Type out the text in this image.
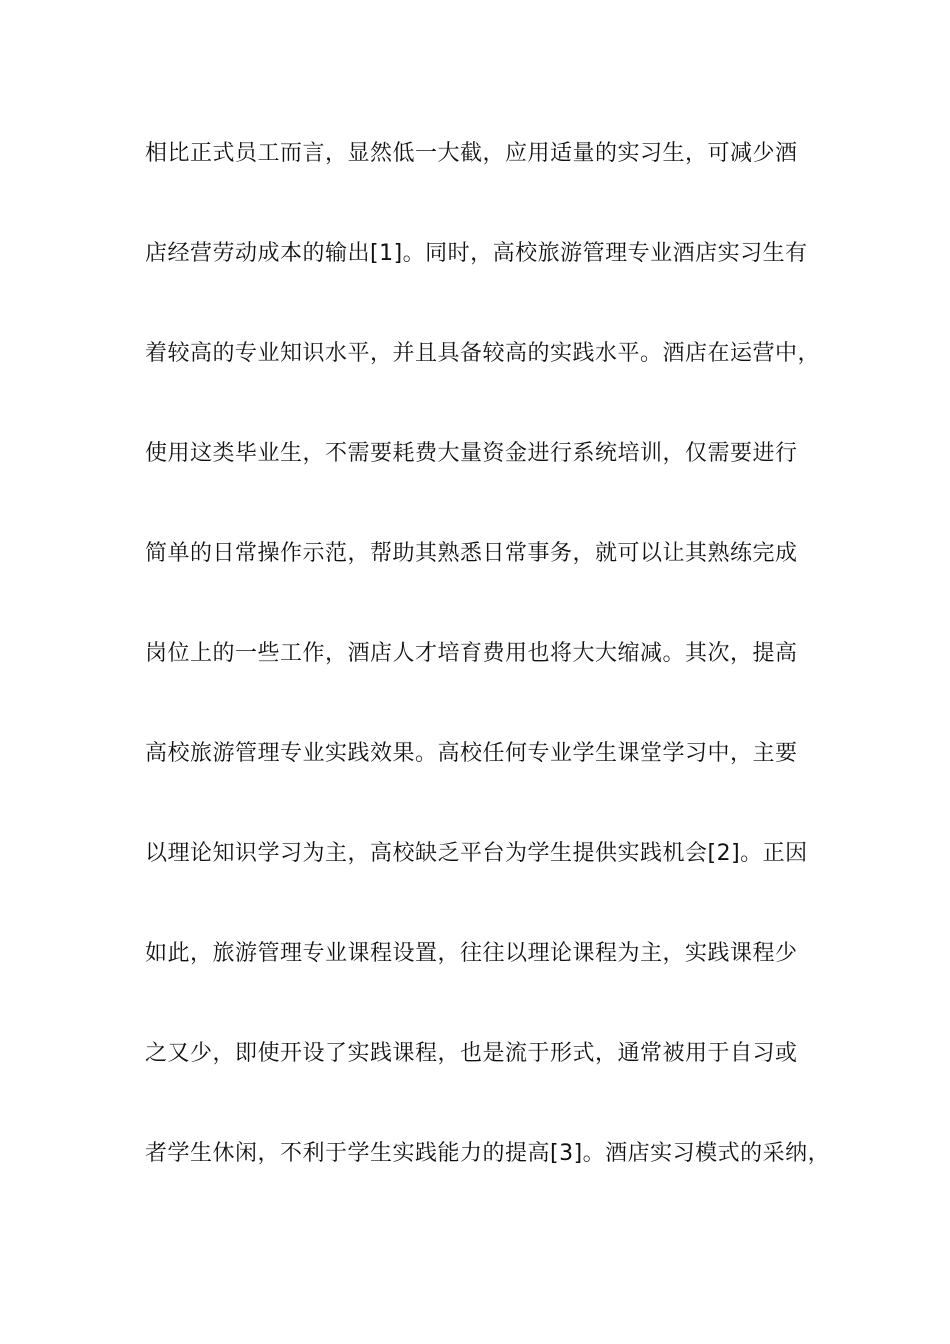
相比正式员工而言，显然低一大截，应用适量的实习生，可减少酒
店经营劳动成本的输出[1]。同时，高校旅游管理专业酒店实习生有
着较高的专业知识水平，并且具备较高的实践水平。酒店在运营中，
使用这类毕业生，不需要耗费大量资金进行系统培训，仅需要进行
简单的日常操作示范，帮助其熟悉日常事务，就可以让其熟练完成
岗位上的一些工作，酒店人才培育费用也将大大缩减。其次，提高
高校旅游管理专业实践效果。高校任何专业学生课堂学习中，主要
以理论知识学习为主，高校缺乏平台为学生提供实践机会[2]。正因
如此，旅游管理专业课程设置，往往以理论课程为主，实践课程少
之又少，即使开设了实践课程，也是流于形式，通常被用于自习或
者学生休闲，不利于学生实践能力的提高[3]。酒店实习模式的采纳，
